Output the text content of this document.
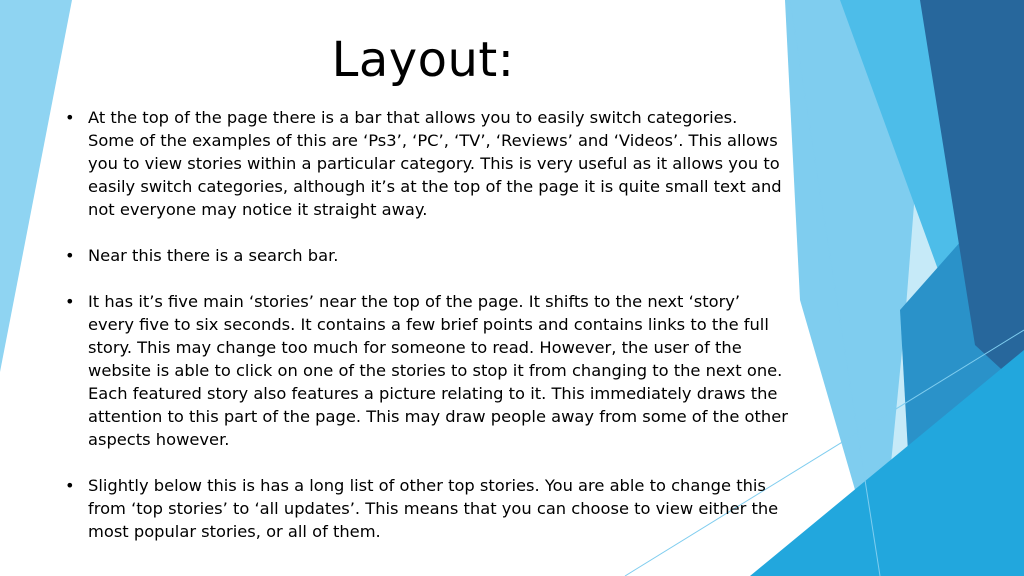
Layout:
• At the top of the page there is a bar that allows you to easily switch categories. Some of the examples of this are ‘Ps3’, ‘PC’, ‘TV’, ‘Reviews’ and ‘Videos’. This allows you to view stories within a particular category. This is very useful as it allows you to easily switch categories, although it’s at the top of the page it is quite small text and not everyone may notice it straight away.
• Near this there is a search bar.
• It has it’s five main ‘stories’ near the top of the page. It shifts to the next ‘story’ every five to six seconds. It contains a few brief points and contains links to the full story. This may change too much for someone to read. However, the user of the website is able to click on one of the stories to stop it from changing to the next one. Each featured story also features a picture relating to it. This immediately draws the attention to this part of the page. This may draw people away from some of the other aspects however.
• Slightly below this is has a long list of other top stories. You are able to change this from ‘top stories’ to ‘all updates’. This means that you can choose to view either the most popular stories, or all of them.
